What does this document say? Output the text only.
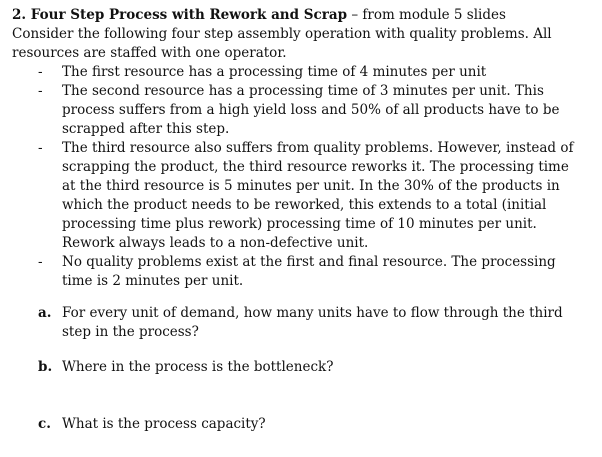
2. Four Step Process with Rework and Scrap – from module 5 slides
Consider the following four step assembly operation with quality problems. All resources are staffed with one operator.
- The first resource has a processing time of 4 minutes per unit
- The second resource has a processing time of 3 minutes per unit. This process suffers from a high yield loss and 50% of all products have to be scrapped after this step.
- The third resource also suffers from quality problems. However, instead of scrapping the product, the third resource reworks it. The processing time at the third resource is 5 minutes per unit. In the 30% of the products in which the product needs to be reworked, this extends to a total (initial processing time plus rework) processing time of 10 minutes per unit. Rework always leads to a non-defective unit.
- No quality problems exist at the first and final resource. The processing time is 2 minutes per unit.
a. For every unit of demand, how many units have to flow through the third step in the process?
b. Where in the process is the bottleneck?
c. What is the process capacity?
